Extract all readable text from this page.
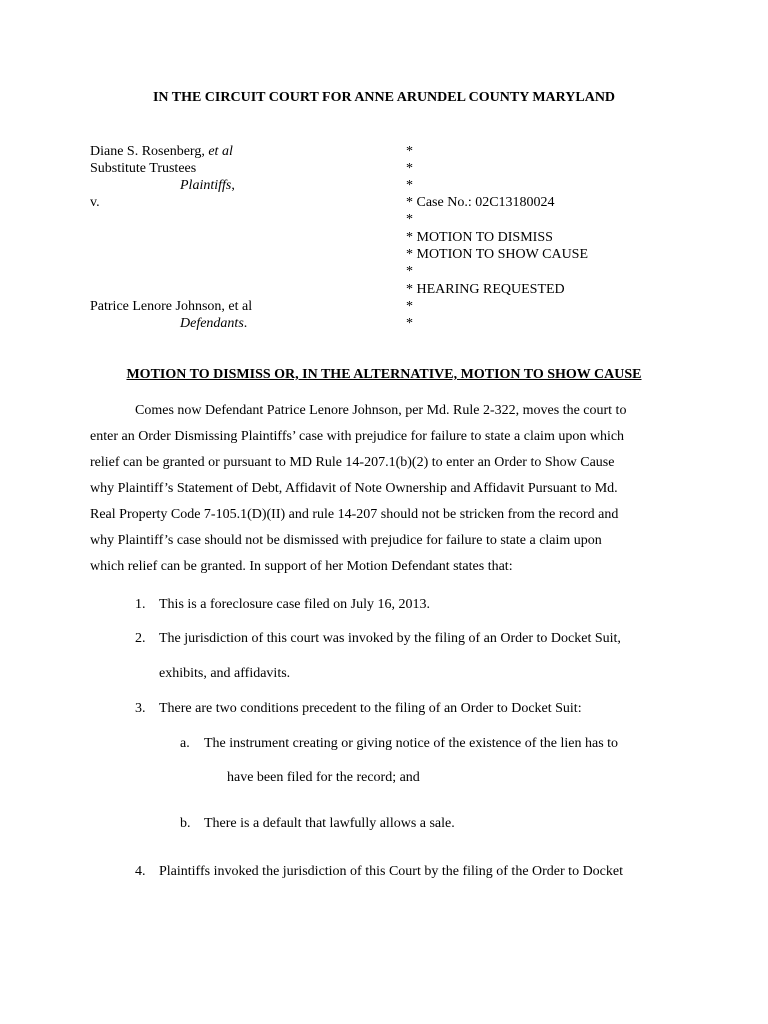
IN THE CIRCUIT COURT FOR ANNE ARUNDEL COUNTY MARYLAND
Diane S. Rosenberg, et al
Substitute Trustees
Plaintiffs,
v.
Patrice Lenore Johnson, et al
Defendants.
*
*
*
* Case No.: 02C13180024
*
* MOTION TO DISMISS
* MOTION TO SHOW CAUSE
*
* HEARING REQUESTED
*
*
MOTION TO DISMISS OR, IN THE ALTERNATIVE, MOTION TO SHOW CAUSE
Comes now Defendant Patrice Lenore Johnson, per Md. Rule 2-322, moves the court to
enter an Order Dismissing Plaintiffs’ case with prejudice for failure to state a claim upon which
relief can be granted or pursuant to MD Rule 14-207.1(b)(2) to enter an Order to Show Cause
why Plaintiff’s Statement of Debt, Affidavit of Note Ownership and Affidavit Pursuant to Md.
Real Property Code 7-105.1(D)(II) and rule 14-207 should not be stricken from the record and
why Plaintiff’s case should not be dismissed with prejudice for failure to state a claim upon
which relief can be granted. In support of her Motion Defendant states that:
1. This is a foreclosure case filed on July 16, 2013.
2. The jurisdiction of this court was invoked by the filing of an Order to Docket Suit,
exhibits, and affidavits.
3. There are two conditions precedent to the filing of an Order to Docket Suit:
a. The instrument creating or giving notice of the existence of the lien has to
have been filed for the record; and
b. There is a default that lawfully allows a sale.
4. Plaintiffs invoked the jurisdiction of this Court by the filing of the Order to Docket
